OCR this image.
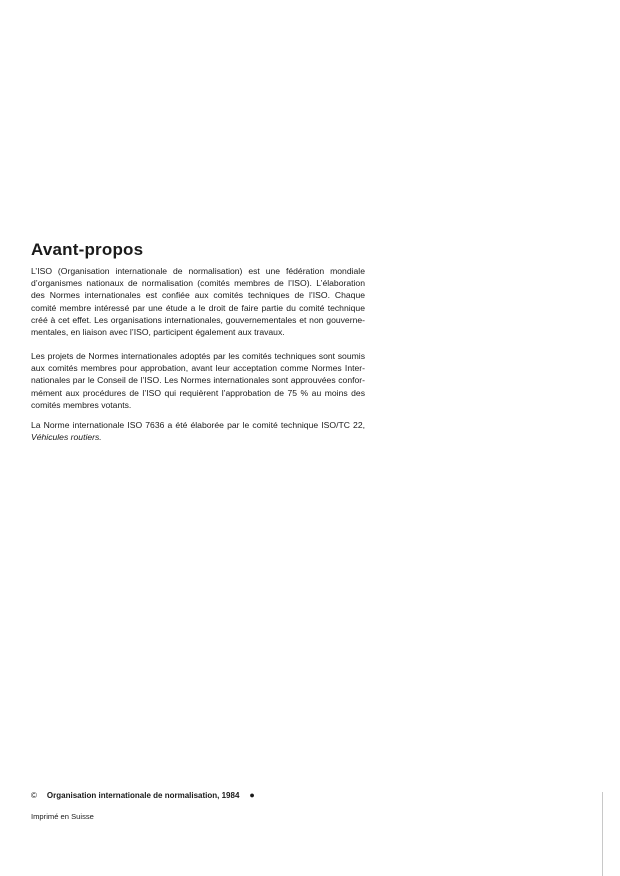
Avant-propos

L’ISO (Organisation internationale de normalisation) est une fédération mondiale
d’organismes nationaux de normalisation (comités membres de l’ISO). L’élaboration
des Normes internationales est confiée aux comités techniques de l’ISO. Chaque
comité membre intéressé par une étude a le droit de faire partie du comité technique
créé à cet effet. Les organisations internationales, gouvernementales et non gouverne-
mentales, en liaison avec l’ISO, participent également aux travaux.

Les projets de Normes internationales adoptés par les comités techniques sont soumis
aux comités membres pour approbation, avant leur acceptation comme Normes Inter-
nationales par le Conseil de l’ISO. Les Normes internationales sont approuvées confor-
mément aux procédures de l’ISO qui requièrent l’approbation de 75 % au moins des
comités membres votants.

La Norme internationale ISO 7636 a été élaborée par le comité technique ISO/TC 22,
Véhicules routiers.

© Organisation internationale de normalisation, 1984 ●
Imprimé en Suisse
